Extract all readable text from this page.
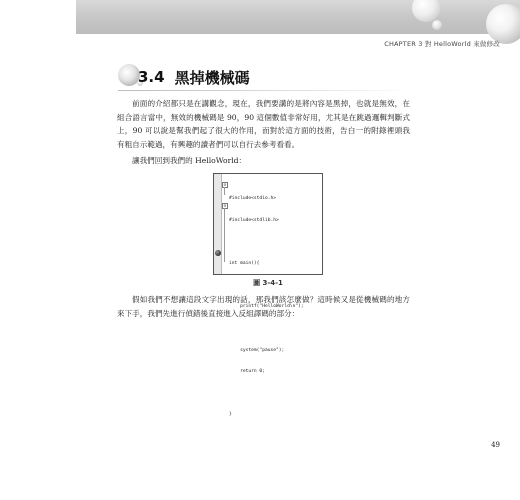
CHAPTER 3 對 HelloWorld 來做修改
3.4 黑掉機械碼

前面的介紹都只是在講觀念，現在，我們要講的是將內容是黑掉，也就是無效，在組合語言當中，無效的機械碼是 90，90 這個數值非常好用，尤其是在跳過邏輯判斷式上，90 可以說是幫我們起了很大的作用，而對於這方面的技術，告白一的附錄裡頭我有粗自示範過，有興趣的讀者們可以自行去參考看看。

讓我們回到我們的 HelloWorld：

⊟
⊟

#include<stdio.h>

#include<stdlib.h>

int main(){

printf("HelloWorld\n");

system("pause");

return 0;

}

圖 3-4-1

假如我們不想讓這段文字出現的話，那我們該怎麼做？這時候又是從機械碼的地方來下手，我們先進行偵錯後直接進入反組譯碼的部分：

49
